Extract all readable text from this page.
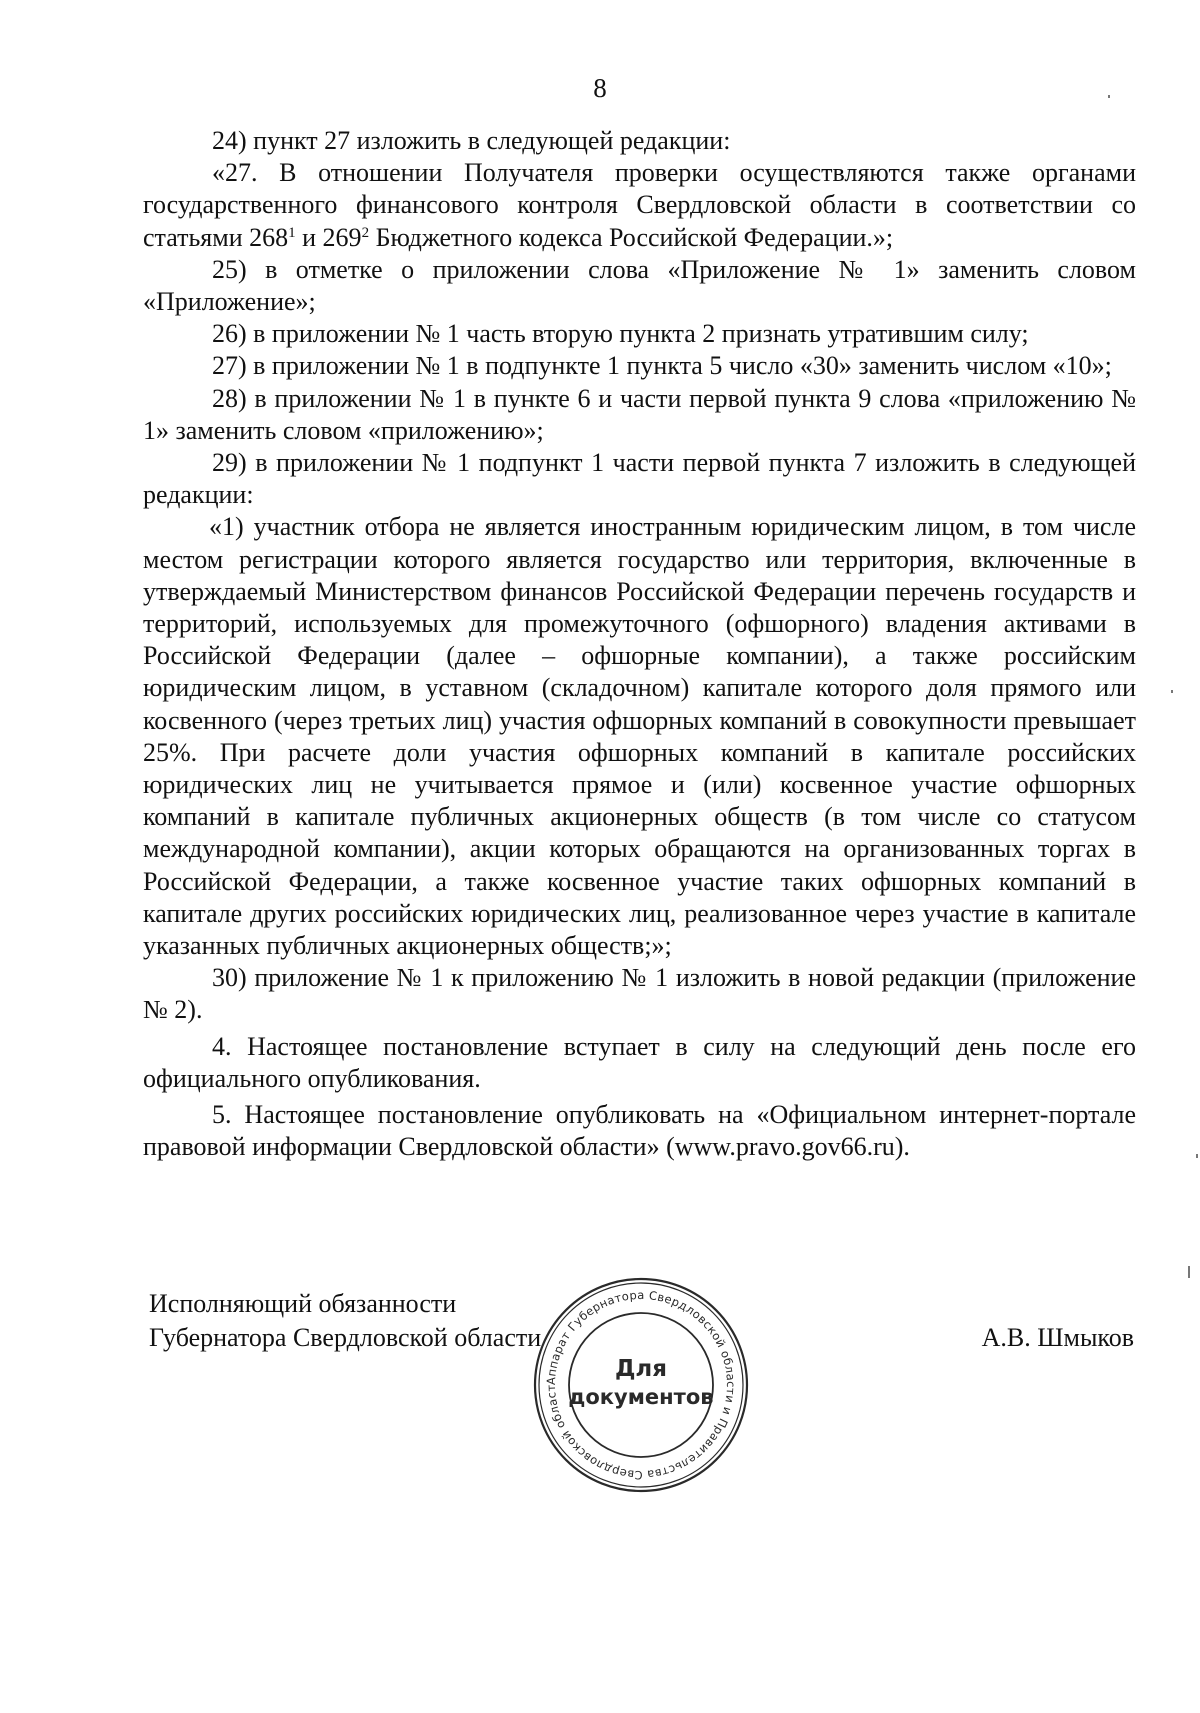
8

24) пункт 27 изложить в следующей редакции:

«27. В отношении Получателя проверки осуществляются также органами государственного финансового контроля Свердловской области в соответствии со статьями $268^1$ и $269^2$ Бюджетного кодекса Российской Федерации.»;

25) в отметке о приложении слова «Приложение № 1» заменить словом «Приложение»;

26) в приложении № 1 часть вторую пункта 2 признать утратившим силу;

27) в приложении № 1 в подпункте 1 пункта 5 число «30» заменить числом «10»;

28) в приложении № 1 в пункте 6 и части первой пункта 9 слова «приложению № 1» заменить словом «приложению»;

29) в приложении № 1 подпункт 1 части первой пункта 7 изложить в следующей редакции:

«1) участник отбора не является иностранным юридическим лицом, в том числе местом регистрации которого является государство или территория, включенные в утверждаемый Министерством финансов Российской Федерации перечень государств и территорий, используемых для промежуточного (офшорного) владения активами в Российской Федерации (далее – офшорные компании), а также российским юридическим лицом, в уставном (складочном) капитале которого доля прямого или косвенного (через третьих лиц) участия офшорных компаний в совокупности превышает 25%. При расчете доли участия офшорных компаний в капитале российских юридических лиц не учитывается прямое и (или) косвенное участие офшорных компаний в капитале публичных акционерных обществ (в том числе со статусом международной компании), акции которых обращаются на организованных торгах в Российской Федерации, а также косвенное участие таких офшорных компаний в капитале других российских юридических лиц, реализованное через участие в капитале указанных публичных акционерных обществ;»;

30) приложение № 1 к приложению № 1 изложить в новой редакции (приложение № 2).

4. Настоящее постановление вступает в силу на следующий день после его официального опубликования.

5. Настоящее постановление опубликовать на «Официальном интернет-портале правовой информации Свердловской области» (www.pravo.gov66.ru).

Исполняющий обязанности
Губернатора Свердловской области	А.В. Шмыков
Аппарат Губернатора Свердловской области и Правительства Свердловской област
Для
документов
